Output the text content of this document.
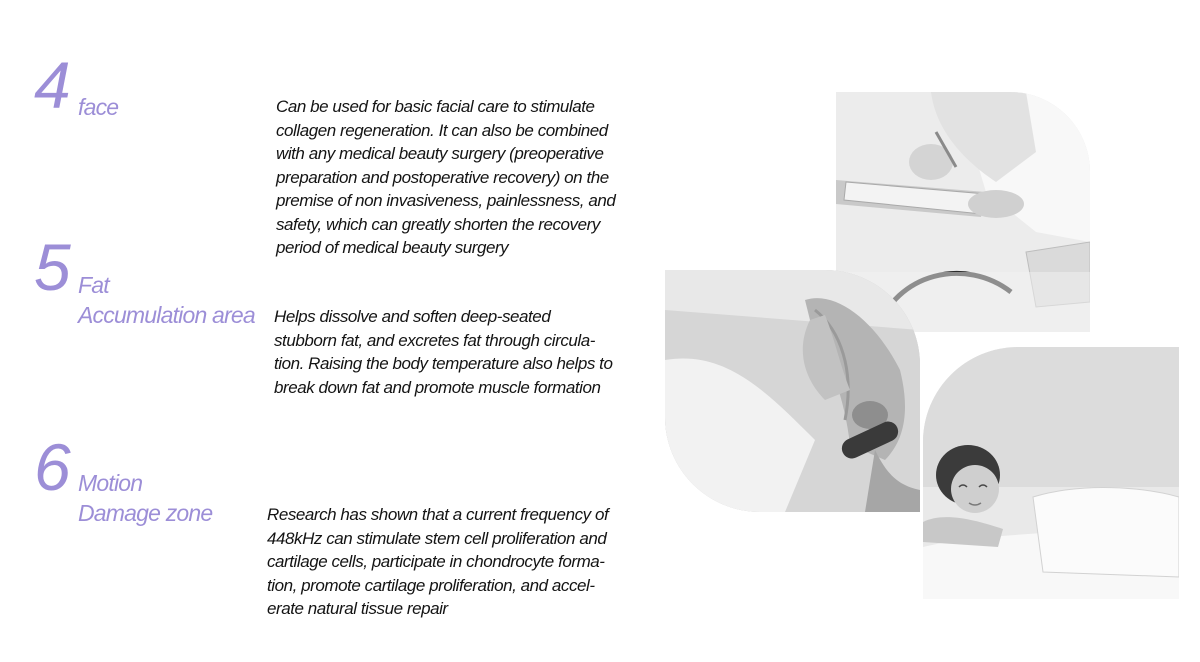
4 face	Can be used for basic facial care to stimulate
collagen regeneration. It can also be combined
with any medical beauty surgery (preoperative
preparation and postoperative recovery) on the
premise of non invasiveness, painlessness, and
safety, which can greatly shorten the recovery
period of medical beauty surgery
5 Fat
Accumulation area Helps dissolve and soften deep-seated
stubborn fat, and excretes fat through circula-
tion. Raising the body temperature also helps to
break down fat and promote muscle formation
6 Motion
Damage zone	Research has shown that a current frequency of
448kHz can stimulate stem cell proliferation and
cartilage cells, participate in chondrocyte forma-
tion, promote cartilage proliferation, and accel-
erate natural tissue repair
